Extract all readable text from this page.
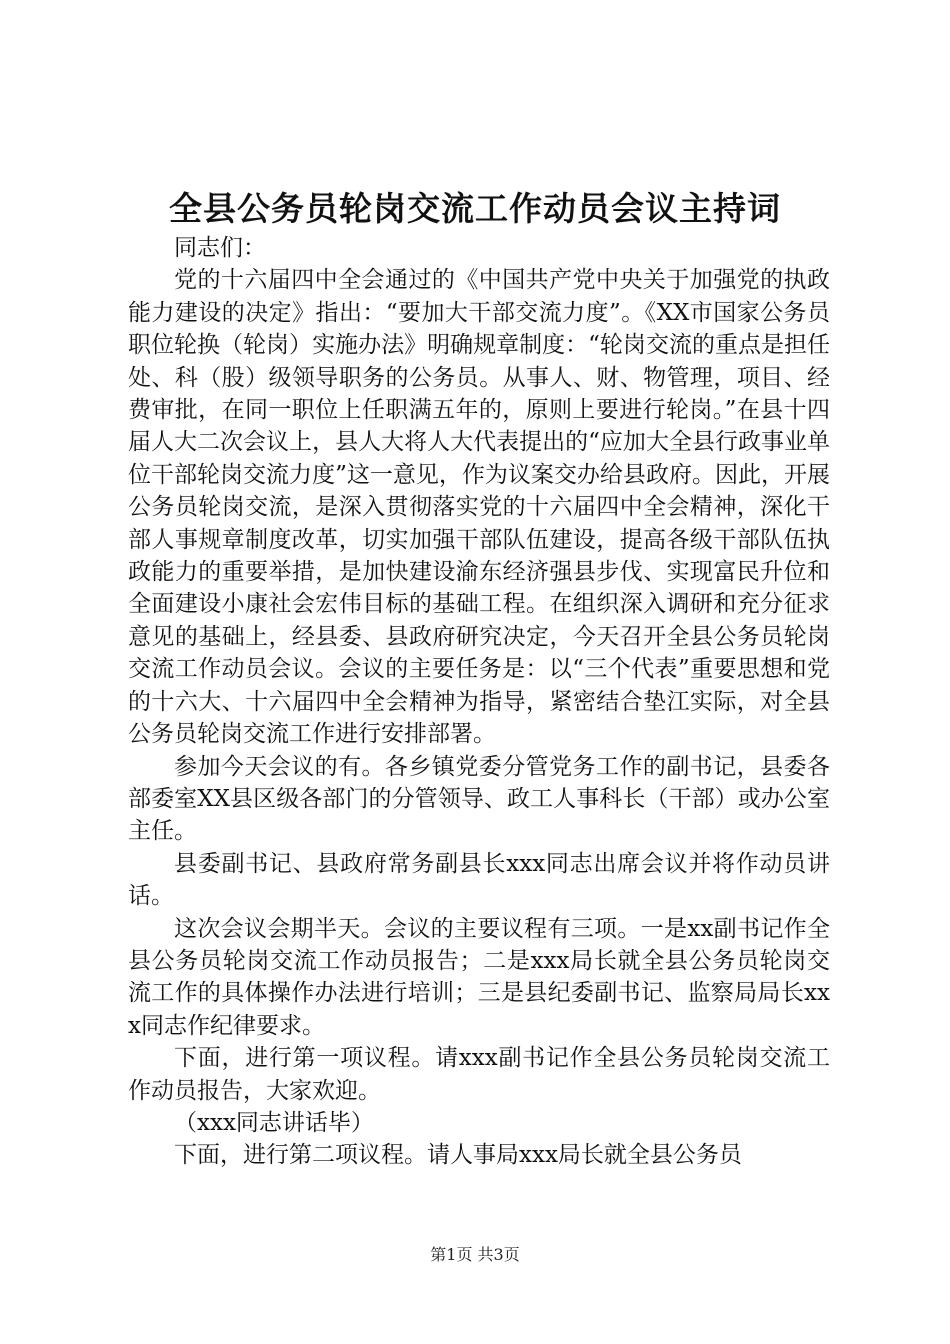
全县公务员轮岗交流工作动员会议主持词

同志们：

党的十六届四中全会通过的《中国共产党中央关于加强党的执政能力建设的决定》指出：“要加大干部交流力度”。《XX市国家公务员职位轮换（轮岗）实施办法》明确规章制度：“轮岗交流的重点是担任处、科（股）级领导职务的公务员。从事人、财、物管理，项目、经费审批，在同一职位上任职满五年的，原则上要进行轮岗。”在县十四届人大二次会议上，县人大将人大代表提出的“应加大全县行政事业单位干部轮岗交流力度”这一意见，作为议案交办给县政府。因此，开展公务员轮岗交流，是深入贯彻落实党的十六届四中全会精神，深化干部人事规章制度改革，切实加强干部队伍建设，提高各级干部队伍执政能力的重要举措，是加快建设渝东经济强县步伐、实现富民升位和全面建设小康社会宏伟目标的基础工程。在组织深入调研和充分征求意见的基础上，经县委、县政府研究决定，今天召开全县公务员轮岗交流工作动员会议。会议的主要任务是：以“三个代表”重要思想和党的十六大、十六届四中全会精神为指导，紧密结合垫江实际，对全县公务员轮岗交流工作进行安排部署。

参加今天会议的有。各乡镇党委分管党务工作的副书记，县委各部委室XX县区级各部门的分管领导、政工人事科长（干部）或办公室主任。

县委副书记、县政府常务副县长xxx同志出席会议并将作动员讲话。

这次会议会期半天。会议的主要议程有三项。一是xx副书记作全县公务员轮岗交流工作动员报告；二是xxx局长就全县公务员轮岗交流工作的具体操作办法进行培训；三是县纪委副书记、监察局局长xxx同志作纪律要求。

下面，进行第一项议程。请xxx副书记作全县公务员轮岗交流工作动员报告，大家欢迎。

（xxx同志讲话毕）

下面，进行第二项议程。请人事局xxx局长就全县公务员

第1页 共3页
